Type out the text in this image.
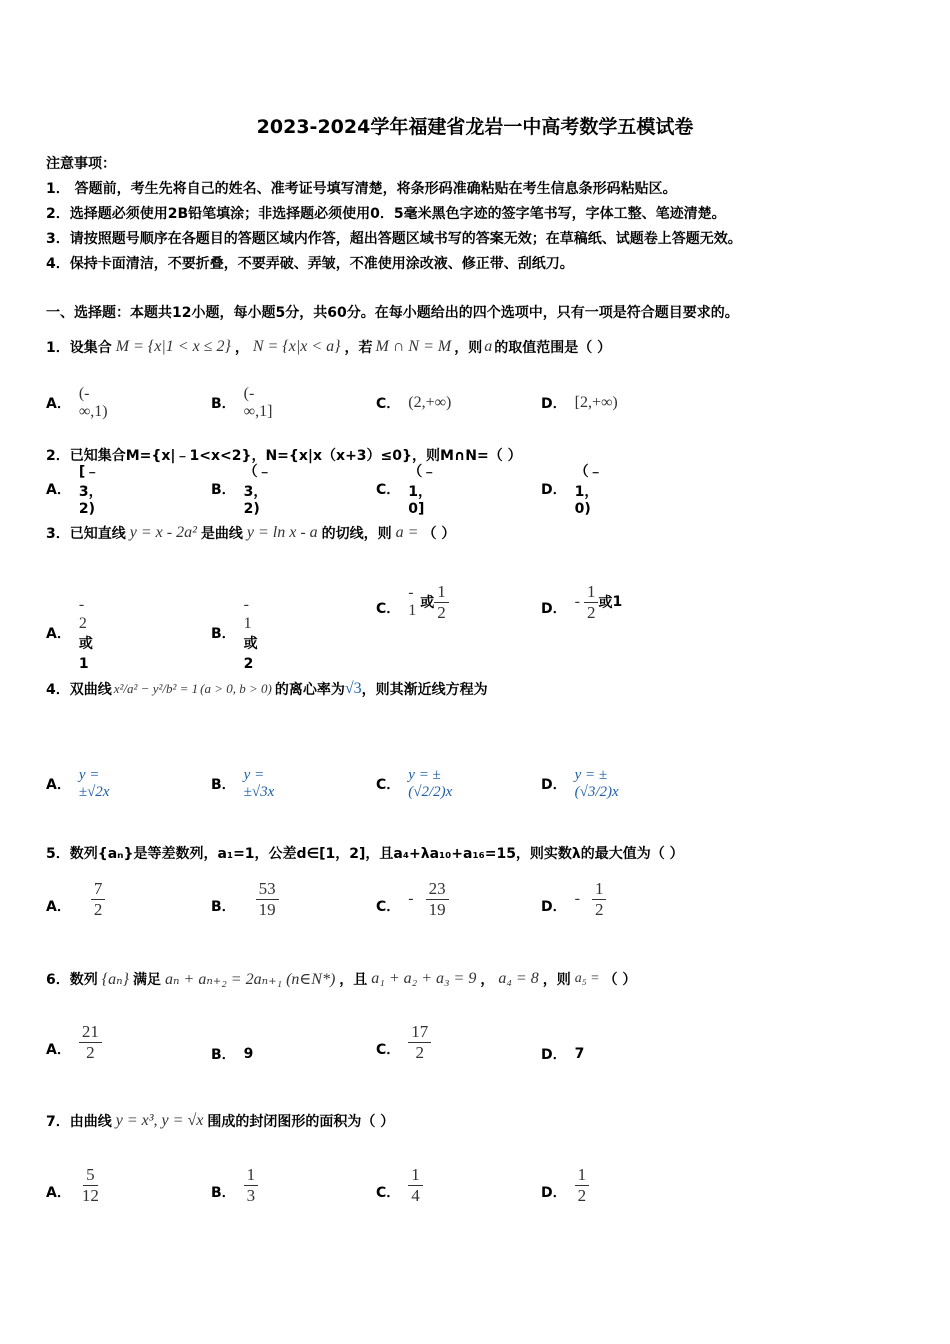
2023-2024学年福建省龙岩一中高考数学五模试卷
注意事项：
1． 答题前，考生先将自己的姓名、准考证号填写清楚，将条形码准确粘贴在考生信息条形码粘贴区。
2．选择题必须使用2B铅笔填涂；非选择题必须使用0．5毫米黑色字迹的签字笔书写，字体工整、笔迹清楚。
3．请按照题号顺序在各题目的答题区域内作答，超出答题区域书写的答案无效；在草稿纸、试题卷上答题无效。
4．保持卡面清洁，不要折叠，不要弄破、弄皱，不准使用涂改液、修正带、刮纸刀。
一、选择题：本题共12小题，每小题5分，共60分。在每小题给出的四个选项中，只有一项是符合题目要求的。
1．设集合 M = {x|1 < x ≤ 2} ， N = {x|x < a} ，若 M ∩ N = M ，则 a 的取值范围是（ ）
A．
(-∞,1)	B．
(-∞,1]	C． (2,+∞)	D． [2,+∞)
2．已知集合M={x|﹣1<x<2}，N={x|x（x+3）≤0}，则M∩N=（ ）
A．
[﹣3，2)
B．
（﹣3，2)
C．
（﹣1，0]
D．
（﹣1，0)
3．已知直线 y = x - 2a² 是曲线 y = ln x - a 的切线，则 a = （ ）
A．
- 2或1
B．
- 1或2
C．
- 1 或 $\frac{1}{2}$	D． - $\frac{1}{2}$ 或 1
4．双曲线 x²/a² − y²/b² = 1 (a > 0, b > 0) 的离心率为 √3 ，则其渐近线方程为
A．
y = ±√2x	B．
y = ±√3x	C．
y = ±(√2/2)x	D．
y = ±(√3/2)x
5．数列{aₙ}是等差数列，a₁=1，公差d∈[1，2]，且a₄+λa₁₀+a₁₆=15，则实数λ的最大值为（ ）
A． $\frac{7}{2}$	B． $\frac{53}{19}$	C． - $\frac{23}{19}$	D． - $\frac{1}{2}$
6．数列 {aₙ} 满足 aₙ + aₙ₊₂ = 2aₙ₊₁ (n∈N*) ，且 a₁ + a₂ + a₃ = 9 ， a₄ = 8 ，则 a₅ = （ ）
A． $\frac{21}{2}$	B． 9	C． $\frac{17}{2}$	D． 7
7．由曲线 y = x³, y = √x 围成的封闭图形的面积为（ ）
A． $\frac{5}{12}$	B． $\frac{1}{3}$	C． $\frac{1}{4}$	D． $\frac{1}{2}$
